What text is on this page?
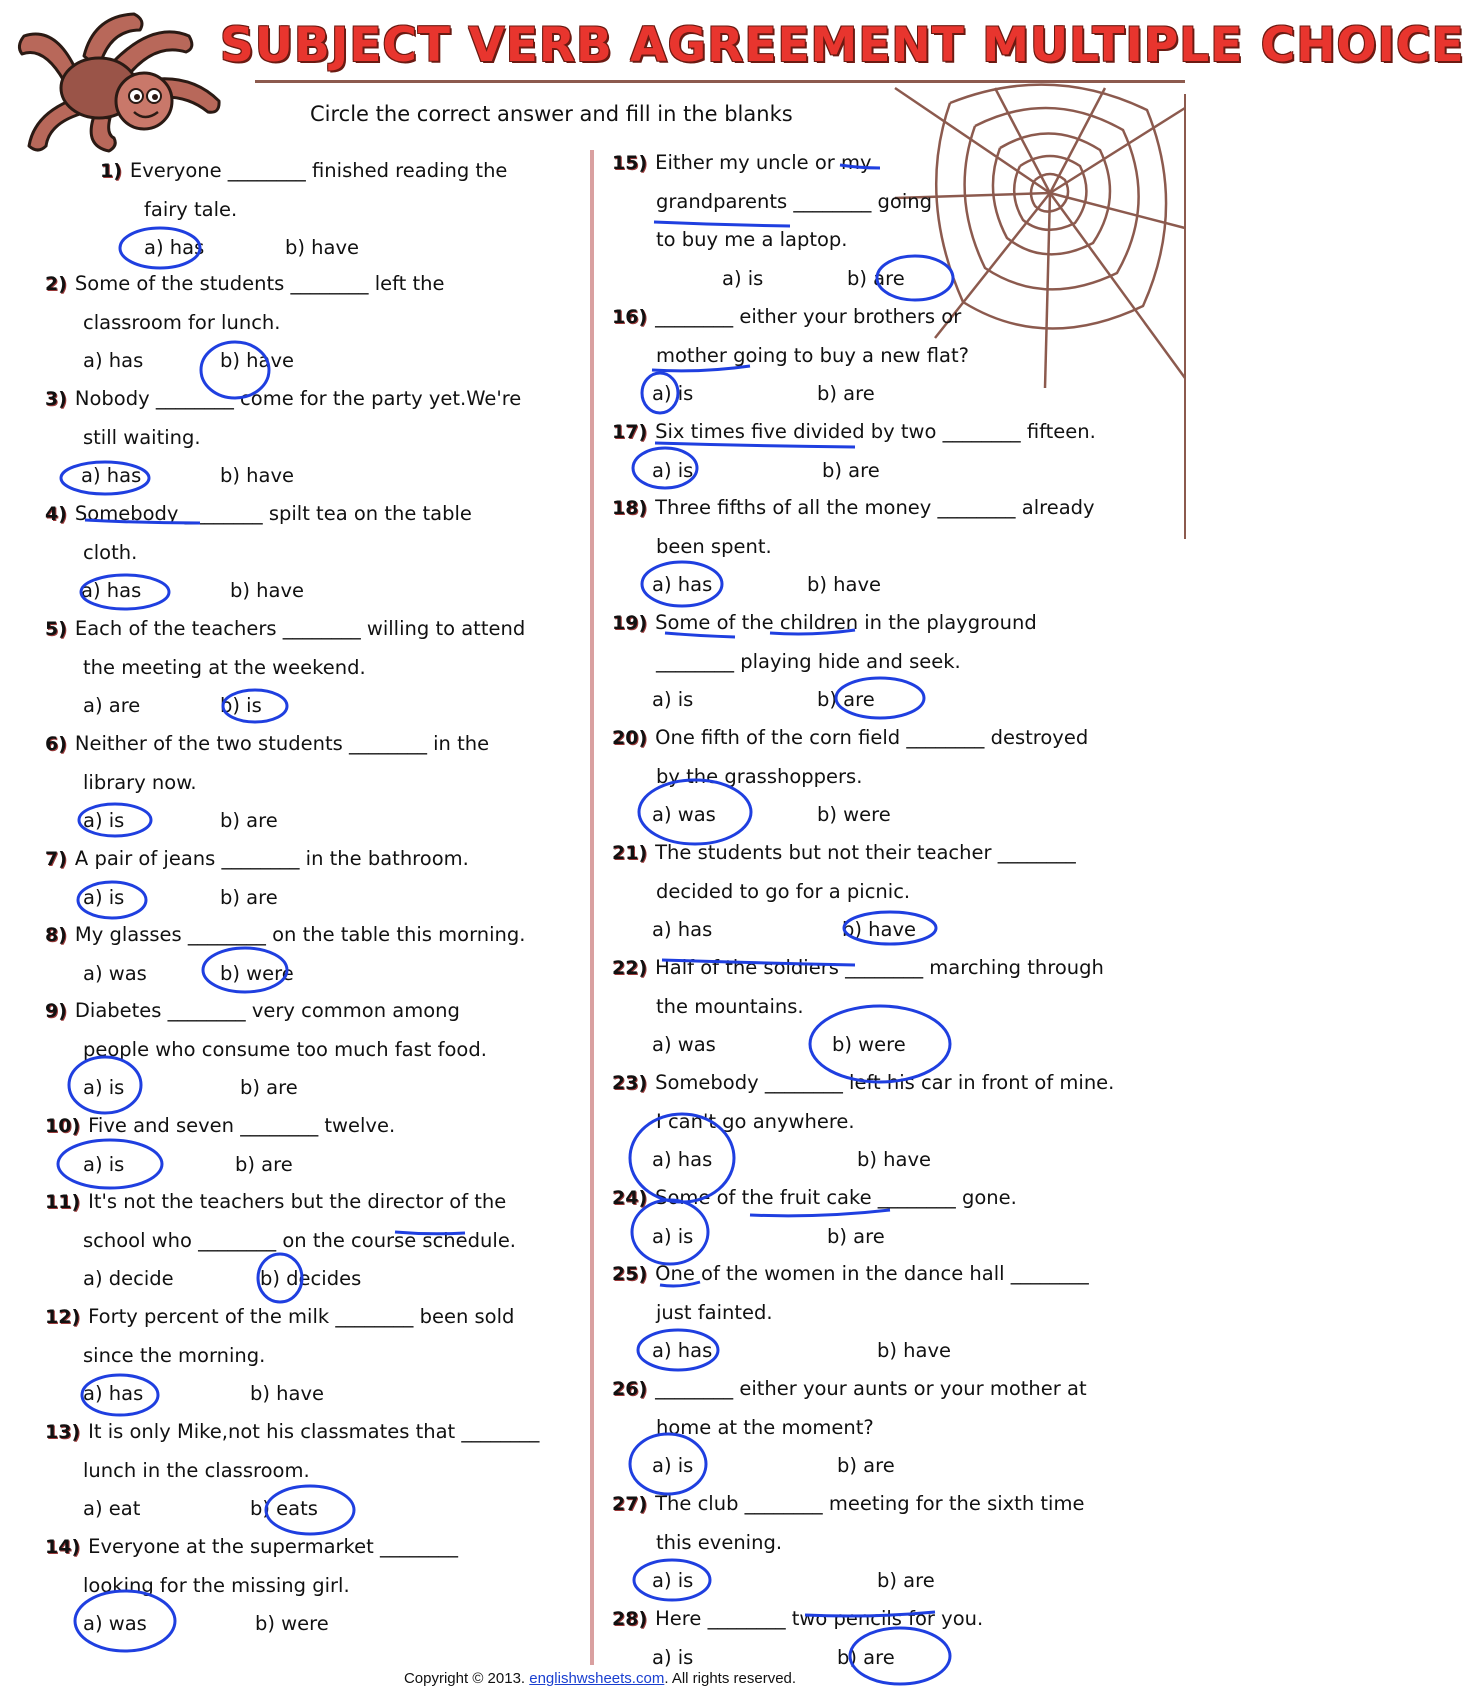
SUBJECT VERB AGREEMENT MULTIPLE CHOICE
Circle the correct answer and fill in the blanks
1) Everyone ________ finished reading the
fairy tale.
a) has	b) have
2) Some of the students ________ left the
classroom for lunch.
a) has	b) have
3) Nobody ________ come for the party yet.We're
still waiting.
a) has	b) have
4) Somebody ________ spilt tea on the table
cloth.
a) has	b) have
5) Each of the teachers ________ willing to attend
the meeting at the weekend.
a) are	b) is
6) Neither of the two students ________ in the
library now.
a) is	b) are
7) A pair of jeans ________ in the bathroom.
a) is	b) are
8) My glasses ________ on the table this morning.
a) was	b) were
9) Diabetes ________ very common among
people who consume too much fast food.
a) is	b) are
10) Five and seven ________ twelve.
a) is	b) are
11) It's not the teachers but the director of the
school who ________ on the course schedule.
a) decide	b) decides
12) Forty percent of the milk ________ been sold
since the morning.
a) has	b) have
13) It is only Mike,not his classmates that ________
lunch in the classroom.
a) eat	b) eats
14) Everyone at the supermarket ________
looking for the missing girl.
a) was	b) were
15) Either my uncle or my
grandparents ________ going
to buy me a laptop.
a) is	b) are
16) ________ either your brothers or
mother going to buy a new flat?
a) is	b) are
17) Six times five divided by two ________ fifteen.
a) is	b) are
18) Three fifths of all the money ________ already
been spent.
a) has	b) have
19) Some of the children in the playground
________ playing hide and seek.
a) is	b) are
20) One fifth of the corn field ________ destroyed
by the grasshoppers.
a) was	b) were
21) The students but not their teacher ________
decided to go for a picnic.
a) has	b) have
22) Half of the soldiers ________ marching through
the mountains.
a) was	b) were
23) Somebody ________ left his car in front of mine.
I can't go anywhere.
a) has	b) have
24) Some of the fruit cake ________ gone.
a) is	b) are
25) One of the women in the dance hall ________
just fainted.
a) has	b) have
26) ________ either your aunts or your mother at
home at the moment?
a) is	b) are
27) The club ________ meeting for the sixth time
this evening.
a) is	b) are
28) Here ________ two pencils for you.
a) is	b) are
Copyright © 2013. englishwsheets.com. All rights reserved.
